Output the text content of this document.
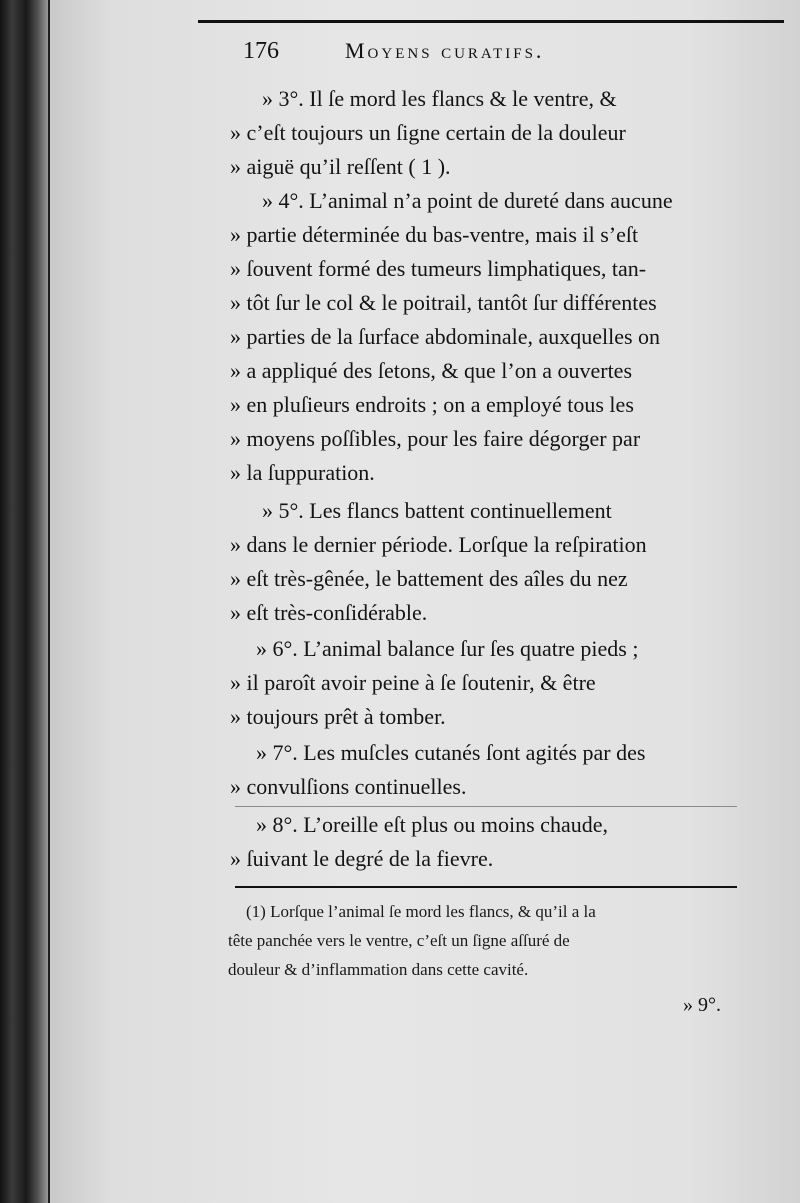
176	Moyens curatifs.
» 3°. Il ſe mord les flancs & le ventre, &
» c’eſt toujours un ſigne certain de la douleur
» aiguë qu’il reſſent ( 1 ).
» 4°. L’animal n’a point de dureté dans aucune
» partie déterminée du bas-ventre, mais il s’eſt
» ſouvent formé des tumeurs limphatiques, tan-
» tôt ſur le col & le poitrail, tantôt ſur différentes
» parties de la ſurface abdominale, auxquelles on
» a appliqué des ſetons, & que l’on a ouvertes
» en pluſieurs endroits ; on a employé tous les
» moyens poſſibles, pour les faire dégorger par
» la ſuppuration.
» 5°. Les flancs battent continuellement
» dans le dernier période. Lorſque la reſpiration
» eſt très-gênée, le battement des aîles du nez
» eſt très-conſidérable.
» 6°. L’animal balance ſur ſes quatre pieds ;
» il paroît avoir peine à ſe ſoutenir, & être
» toujours prêt à tomber.
» 7°. Les muſcles cutanés ſont agités par des
» convulſions continuelles.
» 8°. L’oreille eſt plus ou moins chaude,
» ſuivant le degré de la fievre.
(1) Lorſque l’animal ſe mord les flancs, & qu’il a la
tête panchée vers le ventre, c’eſt un ſigne aſſuré de
douleur & d’inflammation dans cette cavité.
» 9°.
